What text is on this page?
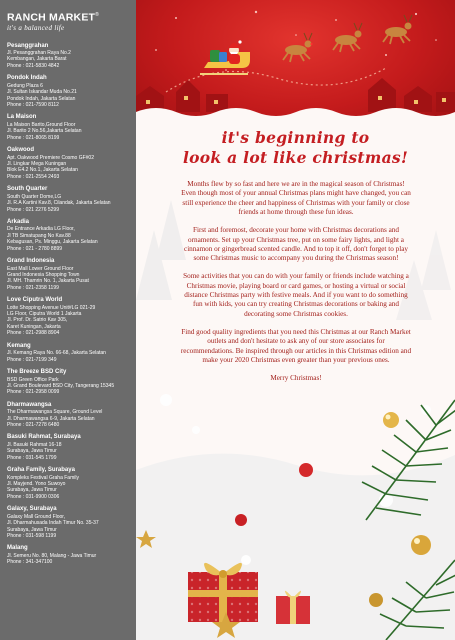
RANCH MARKET®
it's a balanced life
Pesanggrahan
Jl. Pesanggrahan Raya No.2
Kembangan, Jakarta Barat
Phone : 021-5830 4842
Pondok Indah
Gedung Plaza 6
Jl. Sultan Iskandar Muda No.21
Pondok Indah, Jakarta Selatan
Phone : 021-7590 8112
La Maison
La Maison Barito,Ground Floor
Jl. Barito 2 No.56,Jakarta Selatan
Phone : 021-8065 8199
Oakwood
Apt. Oakwood Premiere Cosmo GF#02
Jl. Lingkar Mega Kuningan
Blok E4.2 No.1, Jakarta Selatan
Phone : 021-2554 2493
South Quarter
South Quarter Dome,LG
Jl. R.A Kartini Kav.8, Cilandak, Jakarta Selatan
Phone : 021 2276 5299
Arkadia
De Entrance Arkadia LG Floor,
Jl TB Simatupang No Kav.88
Kebagusan, Ps. Minggu, Jakarta Selatan
Phone : 021 - 2780 8899
Grand Indonesia
East Mall Lower Ground Floor
Grand Indonesia Shopping Town
Jl. MH. Thamrin No. 1, Jakarta Pusat
Phone : 021-2358 1199
Love Ciputra World
Lotte Shopping Avenue Unit#LG 021-29
LG Floor, Ciputra World 1 Jakarta
Jl. Prof. Dr. Satrio Kav 305,
Karet Kuningan, Jakarta
Phone : 021-2988 8904
Kemang
Jl. Kemang Raya No. 66-68, Jakarta Selatan
Phone : 021-7199 349
The Breeze BSD City
BSD Green Office Park
Jl. Grand Boulevard BSD City, Tangerang 15345
Phone : 021-2958 0099
Dharmawangsa
The Dharmawangsa Square, Ground Level
Jl. Dharmawangsa 6-9, Jakarta Selatan
Phone : 021-7278 6480
Basuki Rahmat, Surabaya
Jl. Basuki Rahmat 16-18
Surabaya, Jawa Timur
Phone : 031-545 1799
Graha Family, Surabaya
Kompleks Festival Graha Family
Jl. Mayjend. Yono Suwoyo
Surabaya, Jawa Timur
Phone : 031-9900 0306
Galaxy, Surabaya
Galaxy Mall Ground Floor,
Jl. Dharmahusada Indah Timur No. 35-37
Surabaya, Jawa Timur
Phone : 031-598 1199
Malang
Jl. Semeru No. 80, Malang - Jawa Timur
Phone : 341-347100
it's beginning to
look a lot like christmas!

Months flew by so fast and here we are in the magical season of Christmas! Even though most of your annual Christmas plans might have changed, you can still experience the cheer and happiness of Christmas with your family or close friends at home through these fun ideas.

First and foremost, decorate your home with Christmas decorations and ornaments. Set up your Christmas tree, put on some fairy lights, and light a cinnamon or gingerbread scented candle. And to top it off, don't forget to play some Christmas music to accompany you during the Christmas season!

Some activities that you can do with your family or friends include watching a Christmas movie, playing board or card games, or hosting a virtual or social distance Christmas party with festive meals. And if you want to do something fun with kids, you can try creating Christmas decorations or baking and decorating some Christmas cookies.

Find good quality ingredients that you need this Christmas at our Ranch Market outlets and don't hesitate to ask any of our store associates for recommendations. Be inspired through our articles in this Christmas edition and make your 2020 Christmas even greater than your previous ones.

Merry Christmas!
